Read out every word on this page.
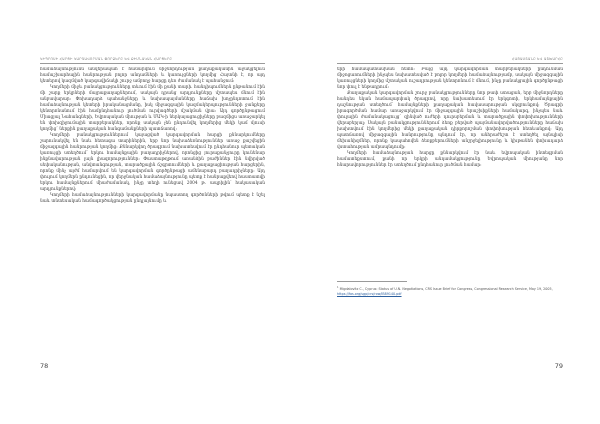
ԿԻՊՐՈՍԻ ՀԱՐՑԻ ԿԱՐԳԱՎՈՐՄԱՆ ՓՈՐՁԵՐԸ ԵՎ ՔԻՄՆԱԿԱՆ ՀԱՐՑԵՐԸ

համաձայնությունն անվերապահ է համարվում միջնորդության քաղաքականին աջակցելուն համաշխարհային հանրության բոլոր անդամների և կառույցների կողմից Հայտնի է, որ այդ կետերով կազմված կարգավիճակի շուրջ ամբողջ հարցը դեռ ժամանակ է պահանջում:

Կողմերի միջև բանակցությունները տևում էին մի քանի տարի. հանդիպումներն ընթանում էին մի շարք երկրների մայրաքաղաքներում, սակայն դրանց արդյունքները մշտապես մնում էին անբավարար: Փոխադարձ պահանջները և նախապայմանները հաճախ խոչընդոտում էին համաձայնության կետերի իրականացմանը, իսկ միջազգային կազմակերպությունների ջանքերը կենտրոնանում էին համընդհանուր լուծման ուրվագծերի մշակման վրա: Այդ գործընթացում Միացյալ Նահանգների, Եվրոպական միության և ՄԱԿ-ի ներկայացուցիչները բազմիցս առաջարկել են փոխզիջումային տարբերակներ, որոնք սակայն չեն ընդունվել կողմերից մեկի կամ մյուսի կողմից՝ ներքին քաղաքական հանգամանքների պատճառով:

Կողմերի բանակցություններում կայացված կարգավորման հարցի քննարկումները շարունակվել են նաև հետագա տարիներին, երբ նոր նախաձեռնություններ առաջ քաշվեցին միջազգային հանրության կողմից: Քննարկվող ծրագրում նախատեսվում էր ընդհանուր պետական կառույցի ստեղծում՝ երկու համայնքային բաղադրիչներով, որոնցից յուրաքանչյուրը կունենար ինքնավարության լայն լիազորություններ: Փաստաթղթում առանձին բաժիններ էին նվիրված սեփականության, անվտանգության, տարածքային ճշգրտումների և քաղաքացիության հարցերին, որոնք մինչ այժմ համարվում են կարգավորման գործընթացի ամենաբարդ բաղադրիչները: Այդ փուլում կողմերն ընդունեցին, որ վերջնական համաձայնությունը պետք է հանրաքվեով հաստատվի երկու համայնքներում միաժամանակ, ինչը տեղի ունեցավ 2004 թ. ապրիլին՝ հակասական արդյունքներով:

Կողմերի համաձայնությունների կարգավորմանը նպաստող գործոնների թվում պետք է նշել նաև տնտեսական համագործակցության ընդլայնումը և

78
ՀԱՅԱՍՏԱՆԸ ԵՎ ԱՇԽԱՐՀԸ

երի համապատասխան հետո: Բայց այդ կարգավորման տարբերակների ընդունման միջոցառումների ինչպես նախատեսված է բոլոր կողմերի համաձայնությամբ, սակայն միջազգային կառույցների կողմից մշտական ուշադրության կենտրոնում է մնում, ինչը բանակցային գործընթացի նոր փուլ է ենթադրում:

Քաղաքական կարգավորման շուրջ բանակցությունները նոր թափ ստացան, երբ միջնորդները հանդես եկան համապարփակ ծրագրով, որը նախատեսում էր երկգոտի, երկհամայնքային դաշնության ստեղծում՝ համայնքների քաղաքական հավասարության սկզբունքով: Ծրագրի իրագործման համար առաջարկվում էր միջազգային երաշխիքների համակարգ, ինչպես նաև փուլային ժամանակացույց՝ զինված ուժերի դուրսբերման և տարածքային փոփոխությունների վերաբերյալ: Սակայն բանակցություններում ձեռք բերված պայմանավորվածությունները հաճախ խախտվում էին կողմերից մեկի քաղաքական դիրքորոշման փոփոխության հետևանքով: Այդ պատճառով միջազգային հանրությունը պնդում էր, որ անհրաժեշտ է ստեղծել այնպիսի մեխանիզմներ, որոնք կապահովեն ձեռքբերումների անշրջելիությունը և կխթանեն փոխադարձ վստահության ամրապնդումը:

Կողմերի համաձայնության հարցը քննարկվում էր նաև եվրոպական ինտեգրման համատեքստում, քանի որ երկրի անդամակցությունը Եվրոպական միությանը նոր հնարավորություններ էր ստեղծում ընդհանուր լուծման համար:

$^1$ Migdalovitz C., Cyprus: Status of U.N. Negotiations, CRS Issue Brief for Congress, Congressional Research Service, May 19, 2005, https://fas.org/sgp/crs/row/IB89140.pdf
79
